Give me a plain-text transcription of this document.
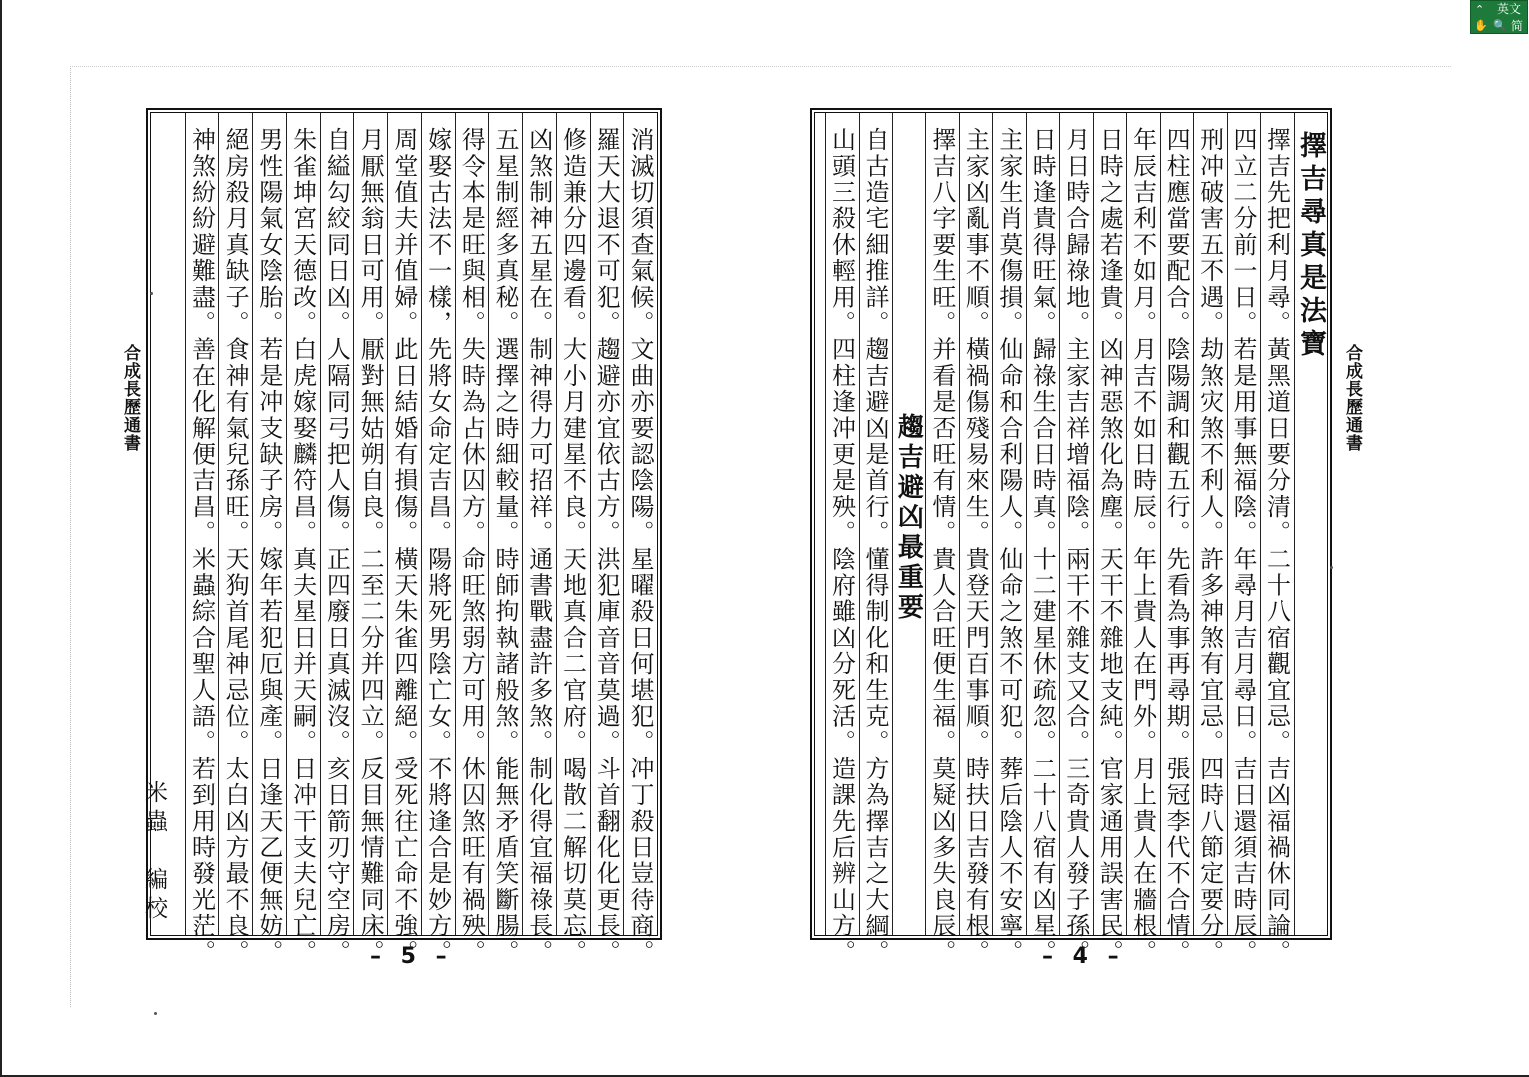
⌃ 英文
✋ 🔍 简
合成長歷通書	合成長歷通書
消滅切須查氣候。文曲亦要認陰陽。星曜殺日何堪犯。冲丁殺日豈待商。
羅天大退不可犯。趨避亦宜依古方。洪犯庫音音莫過。斗首翻化化更長。
修造兼分四邊看。大小月建星不良。天地真合二官府。喝散二解切莫忘。
凶煞制神五星在。制神得力可招祥。通書戰盡許多煞。制化得宜福祿長。
五星制經多真秘。選擇之時細較量。時師拘執諸般煞。能無矛盾笑斷腸。
得令本是旺與相。失時為占休囚方。命旺煞弱方可用。休囚煞旺有禍殃。
嫁娶古法不一樣，先將女命定吉昌。陽將死男陰亡女。不將逢合是妙方。
周堂值夫并值婦。此日結婚有損傷。橫天朱雀四離絕。受死往亡命不強。
月厭無翁日可用。厭對無姑朔自良。二至二分并四立。反目無情難同床。
自縊勾絞同日凶。人隔同弓把人傷。正四廢日真滅沒。亥日箭刃守空房。
朱雀坤宮天德改。白虎嫁娶麟符昌。真夫星日并天嗣。日冲干支夫兒亡。
男性陽氣女陰胎。若是冲支缺子房。嫁年若犯厄與產。日逢天乙便無妨。
絕房殺月真缺子。食神有氣兒孫旺。天狗首尾神忌位。太白凶方最不良。
神煞紛紛避難盡。善在化解便吉昌。米蟲綜合聖人語。若到用時發光茫。
米蟲　編校
– 5 –
擇吉尋真是法寶
擇吉先把利月尋。黃黑道日要分清。二十八宿觀宜忌。吉凶福禍休同論。
四立二分前一日。若是用事無福陰。年尋月吉月尋日。吉日還須吉時辰。
刑冲破害五不遇。劫煞灾煞不利人。許多神煞有宜忌。四時八節定要分。
四柱應當要配合。陰陽調和觀五行。先看為事再尋期。張冠李代不合情。
年辰吉利不如月。月吉不如日時辰。年上貴人在門外。月上貴人在牆根。
日時之處若逢貴。凶神惡煞化為塵。天干不雜地支純。官家通用誤害民。
月日時合歸祿地。主家吉祥增福陰。兩干不雜支又合。三奇貴人發子孫。
日時逢貴得旺氣。歸祿生合日時真。十二建星休疏忽。二十八宿有凶星。
主家生肖莫傷損。仙命和合利陽人。仙命之煞不可犯。葬后陰人不安寧。
主家凶亂事不順。橫禍傷殘易來生。貴登天門百事順。時扶日吉發有根。
擇吉八字要生旺。并看是否旺有情。貴人合旺便生福。莫疑凶多失良辰。
趨吉避凶最重要
自古造宅細推詳。趨吉避凶是首行。懂得制化和生克。方為擇吉之大綱。
山頭三殺休輕用。四柱逢冲更是殃。陰府雖凶分死活。造課先后辨山方。	– 4 –
